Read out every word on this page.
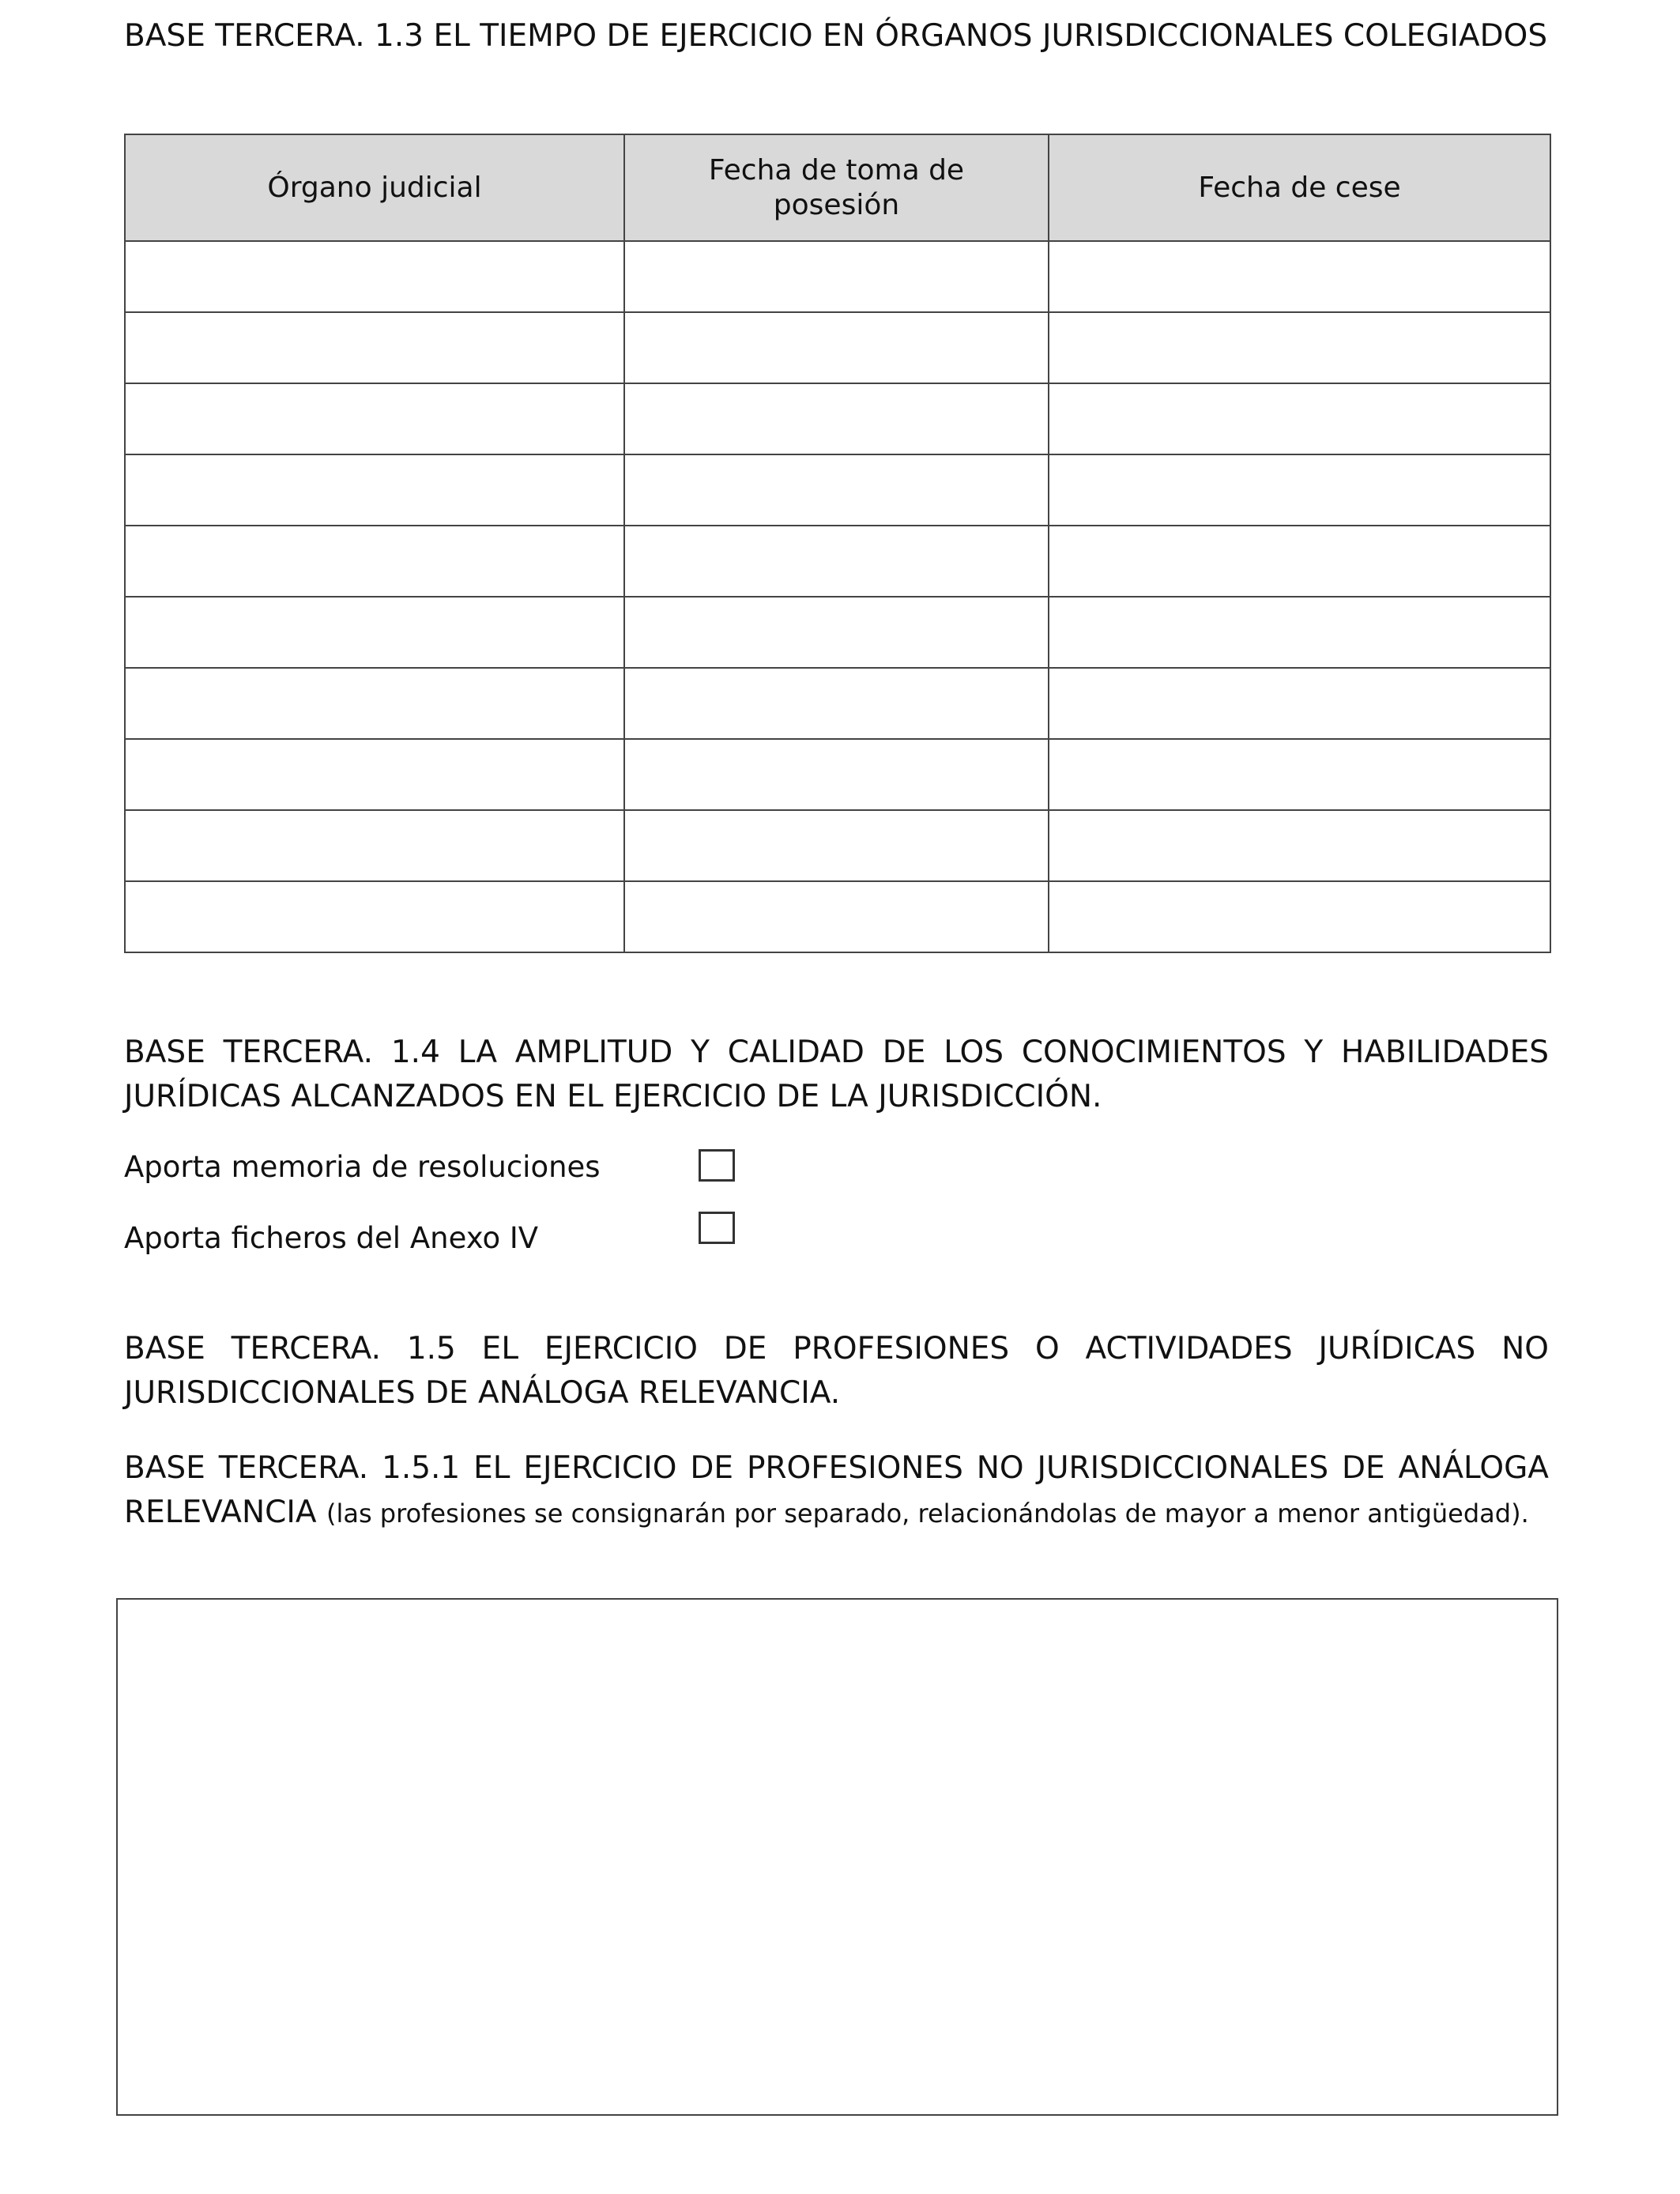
BASE TERCERA. 1.3 EL TIEMPO DE EJERCICIO EN ÓRGANOS JURISDICCIONALES COLEGIADOS

Órgano judicial	Fecha de toma de posesión	Fecha de cese

BASE TERCERA. 1.4 LA AMPLITUD Y CALIDAD DE LOS CONOCIMIENTOS Y HABILIDADES JURÍDICAS ALCANZADOS EN EL EJERCICIO DE LA JURISDICCIÓN.

Aporta memoria de resoluciones
Aporta ficheros del Anexo IV

BASE TERCERA. 1.5 EL EJERCICIO DE PROFESIONES O ACTIVIDADES JURÍDICAS NO JURISDICCIONALES DE ANÁLOGA RELEVANCIA.

BASE TERCERA. 1.5.1 EL EJERCICIO DE PROFESIONES NO JURISDICCIONALES DE ANÁLOGA RELEVANCIA (las profesiones se consignarán por separado, relacionándolas de mayor a menor antigüedad).
